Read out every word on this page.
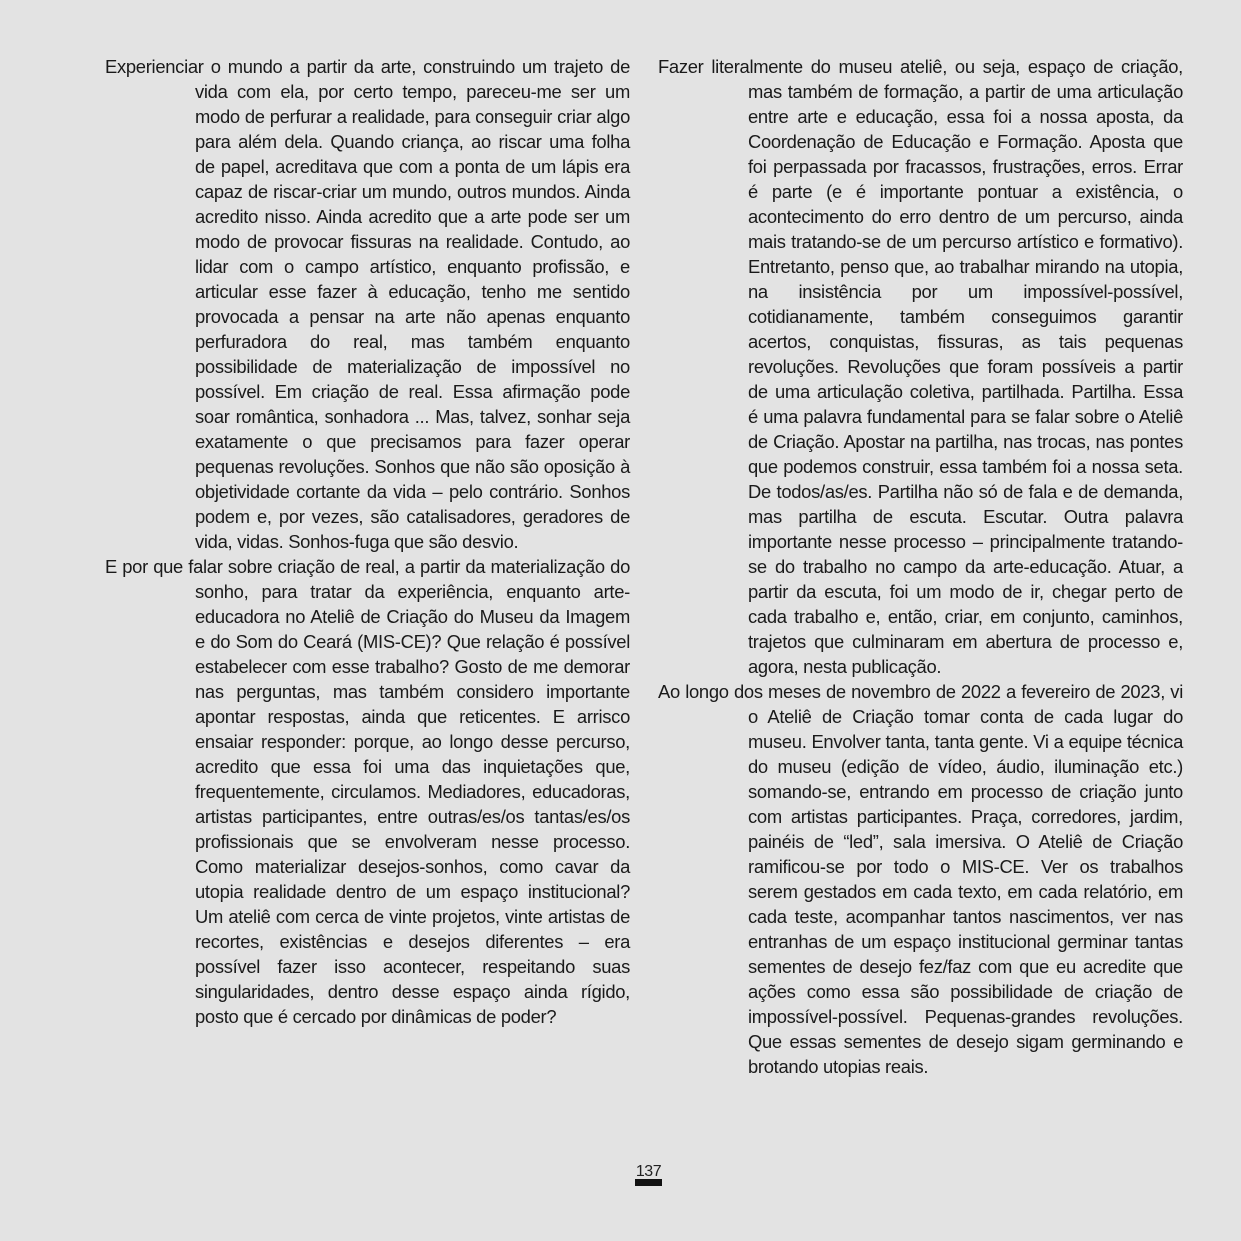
Experienciar o mundo a partir da arte, construindo um trajeto de vida com ela, por certo tempo, pareceu-me ser um modo de perfurar a realidade, para conseguir criar algo para além dela. Quando criança, ao riscar uma folha de papel, acreditava que com a ponta de um lápis era capaz de riscar-criar um mundo, outros mundos. Ainda acredito nisso. Ainda acredito que a arte pode ser um modo de provocar fissuras na realidade. Contudo, ao lidar com o campo artístico, enquanto profissão, e articular esse fazer à educação, tenho me sentido provocada a pensar na arte não apenas enquanto perfuradora do real, mas também enquanto possibilidade de materialização de impossível no possível. Em criação de real. Essa afirmação pode soar romântica, sonhadora ... Mas, talvez, sonhar seja exatamente o que precisamos para fazer operar pequenas revoluções. Sonhos que não são oposição à objetividade cortante da vida – pelo contrário. Sonhos podem e, por vezes, são catalisadores, geradores de vida, vidas. Sonhos-fuga que são desvio.

E por que falar sobre criação de real, a partir da materialização do sonho, para tratar da experiência, enquanto arte-educadora no Ateliê de Criação do Museu da Imagem e do Som do Ceará (MIS-CE)? Que relação é possível estabelecer com esse trabalho? Gosto de me demorar nas perguntas, mas também considero importante apontar respostas, ainda que reticentes. E arrisco ensaiar responder: porque, ao longo desse percurso, acredito que essa foi uma das inquietações que, frequentemente, circulamos. Mediadores, educadoras, artistas participantes, entre outras/es/os tantas/es/os profissionais que se envolveram nesse processo. Como materializar desejos-sonhos, como cavar da utopia realidade dentro de um espaço institucional? Um ateliê com cerca de vinte projetos, vinte artistas de recortes, existências e desejos diferentes – era possível fazer isso acontecer, respeitando suas singularidades, dentro desse espaço ainda rígido, posto que é cercado por dinâmicas de poder?

Fazer literalmente do museu ateliê, ou seja, espaço de criação, mas também de formação, a partir de uma articulação entre arte e educação, essa foi a nossa aposta, da Coordenação de Educação e Formação. Aposta que foi perpassada por fracassos, frustrações, erros. Errar é parte (e é importante pontuar a existência, o acontecimento do erro dentro de um percurso, ainda mais tratando-se de um percurso artístico e formativo). Entretanto, penso que, ao trabalhar mirando na utopia, na insistência por um impossível-possível, cotidianamente, também conseguimos garantir acertos, conquistas, fissuras, as tais pequenas revoluções. Revoluções que foram possíveis a partir de uma articulação coletiva, partilhada. Partilha. Essa é uma palavra fundamental para se falar sobre o Ateliê de Criação. Apostar na partilha, nas trocas, nas pontes que podemos construir, essa também foi a nossa seta. De todos/as/es. Partilha não só de fala e de demanda, mas partilha de escuta. Escutar. Outra palavra importante nesse processo – principalmente tratando-se do trabalho no campo da arte-educação. Atuar, a partir da escuta, foi um modo de ir, chegar perto de cada trabalho e, então, criar, em conjunto, caminhos, trajetos que culminaram em abertura de processo e, agora, nesta publicação.

Ao longo dos meses de novembro de 2022 a fevereiro de 2023, vi o Ateliê de Criação tomar conta de cada lugar do museu. Envolver tanta, tanta gente. Vi a equipe técnica do museu (edição de vídeo, áudio, iluminação etc.) somando-se, entrando em processo de criação junto com artistas participantes. Praça, corredores, jardim, painéis de “led”, sala imersiva. O Ateliê de Criação ramificou-se por todo o MIS-CE. Ver os trabalhos serem gestados em cada texto, em cada relatório, em cada teste, acompanhar tantos nascimentos, ver nas entranhas de um espaço institucional germinar tantas sementes de desejo fez/faz com que eu acredite que ações como essa são possibilidade de criação de impossível-possível. Pequenas-grandes revoluções. Que essas sementes de desejo sigam germinando e brotando utopias reais.

137
